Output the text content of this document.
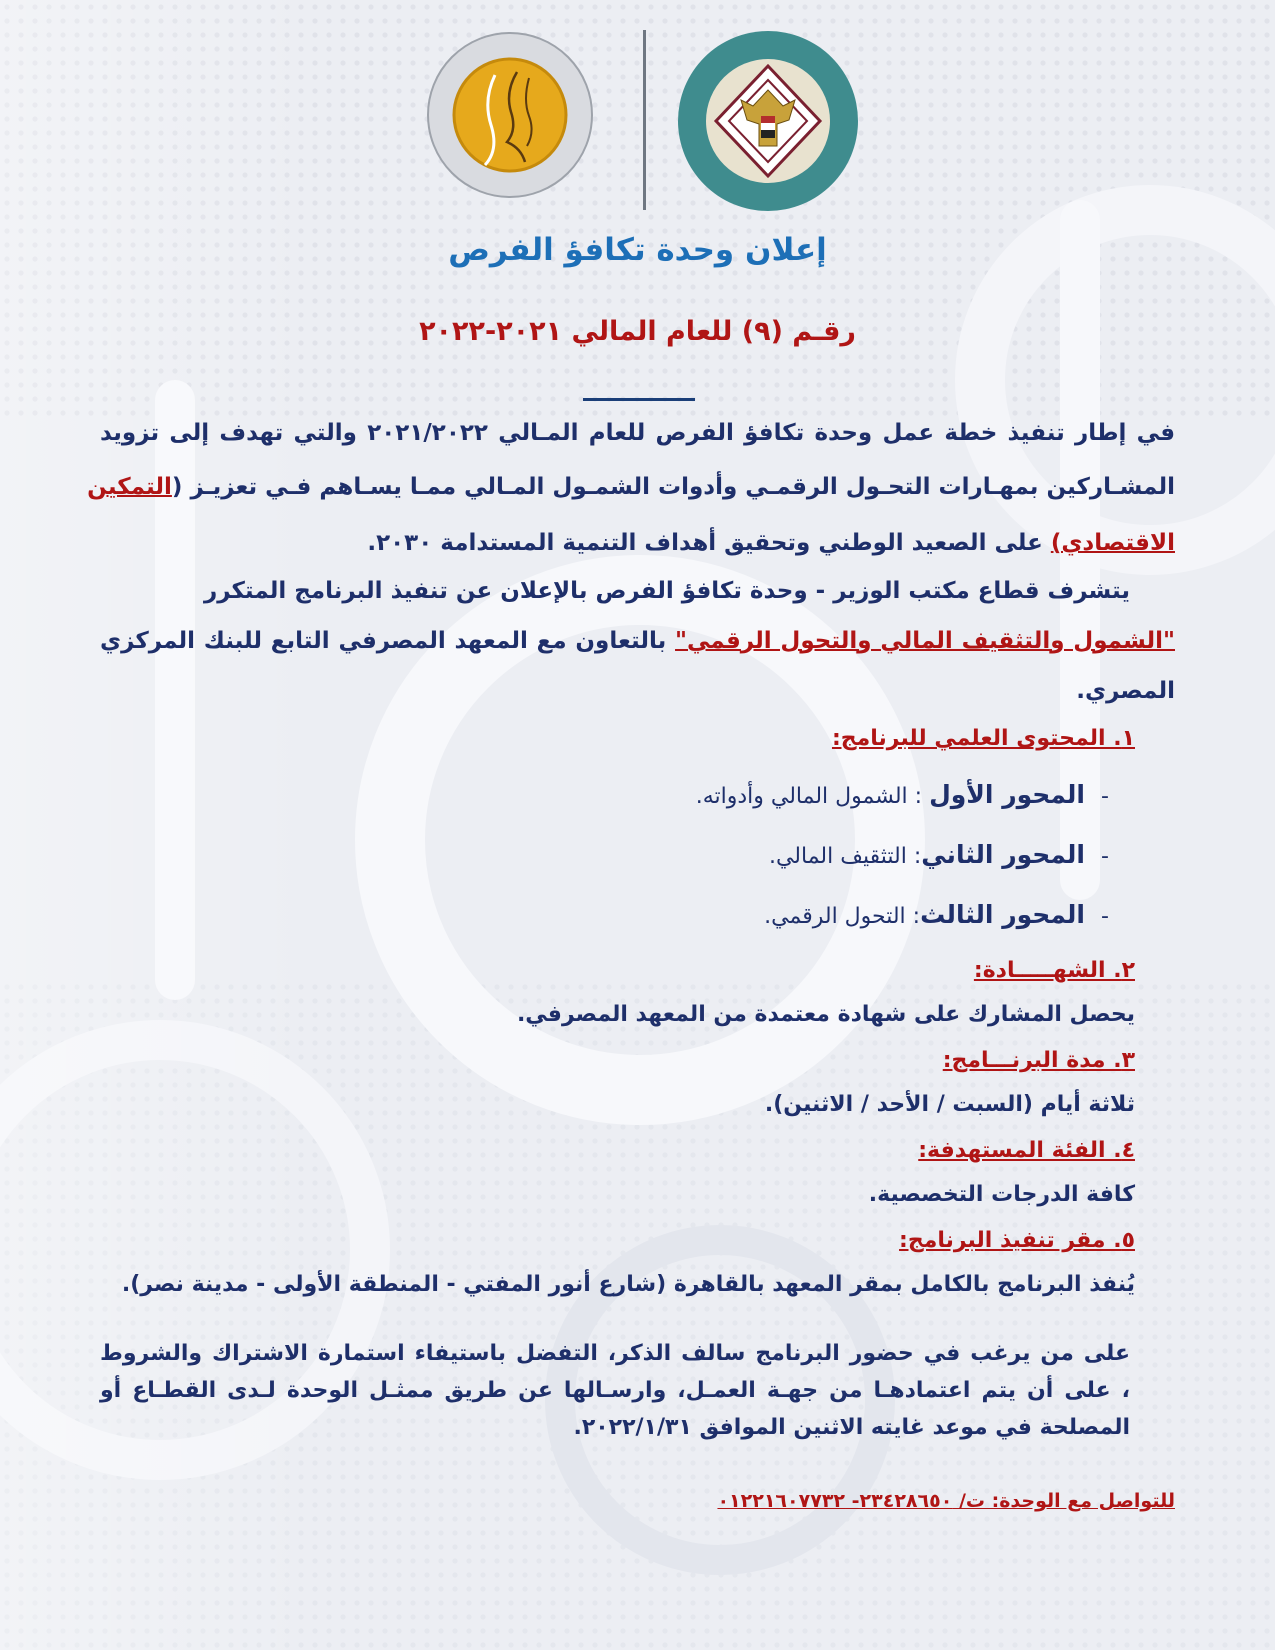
إعلان وحدة تكافؤ الفرص
رقـم (٩) للعام المالي ٢٠٢١-٢٠٢٢
في إطار تنفيذ خطة عمل وحدة تكافؤ الفرص للعام المـالي ٢٠٢١/٢٠٢٢ والتي تهدف إلى تزويد
المشـاركين بمهـارات التحـول الرقمـي وأدوات الشمـول المـالي ممـا يسـاهم فـي تعزيـز (التمكين
الاقتصادي) على الصعيد الوطني وتحقيق أهداف التنمية المستدامة ٢٠٣٠.
يتشرف قطاع مكتب الوزير - وحدة تكافؤ الفرص بالإعلان عن تنفيذ البرنامج المتكرر
"الشمول والتثقيف المالي والتحول الرقمي" بالتعاون مع المعهد المصرفي التابع للبنك المركزي
المصري.
١. المحتوى العلمي للبرنامج:
-المحور الأول : الشمول المالي وأدواته.
-المحور الثاني: التثقيف المالي.
-المحور الثالث: التحول الرقمي.
٢. الشهـــــادة:
يحصل المشارك على شهادة معتمدة من المعهد المصرفي.
٣. مدة البرنـــامج:
ثلاثة أيام (السبت / الأحد / الاثنين).
٤. الفئة المستهدفة:
كافة الدرجات التخصصية.
٥. مقر تنفيذ البرنامج:
يُنفذ البرنامج بالكامل بمقر المعهد بالقاهرة (شارع أنور المفتي - المنطقة الأولى - مدينة نصر).
على من يرغب في حضور البرنامج سالف الذكر، التفضل باستيفاء استمارة الاشتراك والشروط
، على أن يتم اعتمادهـا من جهـة العمـل، وارسـالها عن طريق ممثـل الوحدة لـدى القطـاع أو
المصلحة في موعد غايته الاثنين الموافق ٢٠٢٢/١/٣١.
للتواصل مع الوحدة: ت/ ٢٣٤٢٨٦٥٠- ٠١٢٢١٦٠٧٧٣٢
